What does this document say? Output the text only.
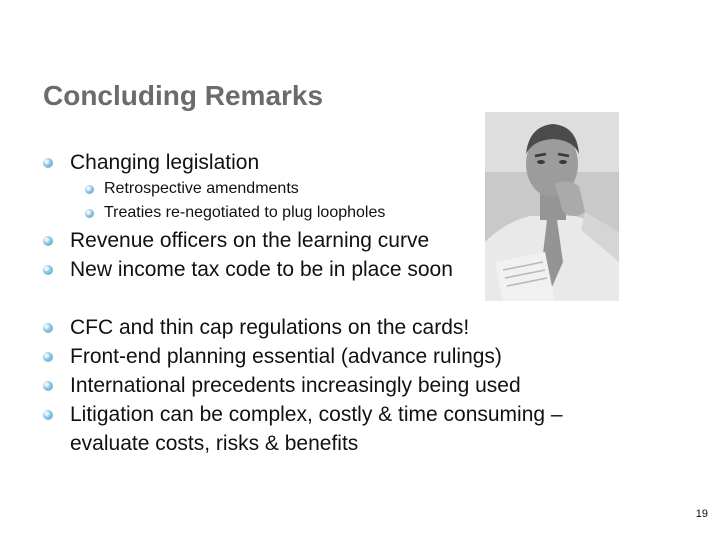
Concluding Remarks
Changing legislation
Retrospective amendments
Treaties re-negotiated to plug loopholes
Revenue officers on the learning curve
New income tax code to be in place soon
CFC and thin cap regulations on the cards!
Front-end planning essential (advance rulings)
International precedents increasingly being used
Litigation can be complex, costly & time consuming – evaluate costs, risks & benefits
19
